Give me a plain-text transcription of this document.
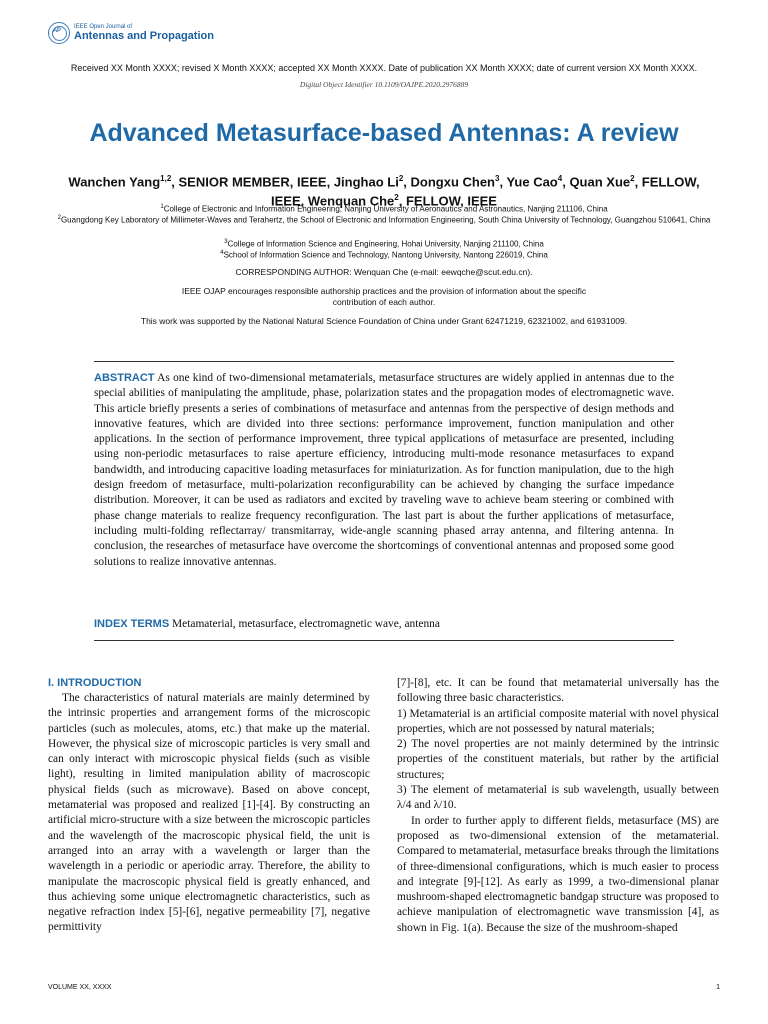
AP
IEEE Open Journal of
Antennas and Propagation
Received XX Month XXXX; revised X Month XXXX; accepted XX Month XXXX. Date of publication XX Month XXXX; date of current version XX Month XXXX.
Digital Object Identifier 10.1109/OAJPE.2020.2976889
Advanced Metasurface-based Antennas: A review
Wanchen Yang$^{1,2}$, SENIOR MEMBER, IEEE, Jinghao Li$^2$, Dongxu Chen$^3$, Yue Cao$^4$, Quan Xue$^2$, FELLOW, IEEE, Wenquan Che$^2$, FELLOW, IEEE
$^1$College of Electronic and Information Engineering, Nanjing University of Aeronautics and Astronautics, Nanjing 211106, China
$^2$Guangdong Key Laboratory of Millimeter-Waves and Terahertz, the School of Electronic and Information Engineering, South China University of Technology, Guangzhou 510641, China
$^3$College of Information Science and Engineering, Hohai University, Nanjing 211100, China
$^4$School of Information Science and Technology, Nantong University, Nantong 226019, China
CORRESPONDING AUTHOR: Wenquan Che (e-mail: eewqche@scut.edu.cn).
IEEE OJAP encourages responsible authorship practices and the provision of information about the specific contribution of each author.
This work was supported by the National Natural Science Foundation of China under Grant 62471219, 62321002, and 61931009.
ABSTRACT As one kind of two-dimensional metamaterials, metasurface structures are widely applied in antennas due to the special abilities of manipulating the amplitude, phase, polarization states and the propagation modes of electromagnetic wave. This article briefly presents a series of combinations of metasurface and antennas from the perspective of design methods and innovative features, which are divided into three sections: performance improvement, function manipulation and other applications. In the section of performance improvement, three typical applications of metasurface are presented, including using non-periodic metasurfaces to raise aperture efficiency, introducing multi-mode resonance metasurfaces to expand bandwidth, and introducing capacitive loading metasurfaces for miniaturization. As for function manipulation, due to the high design freedom of metasurface, multi-polarization reconfigurability can be achieved by changing the surface impedance distribution. Moreover, it can be used as radiators and excited by traveling wave to achieve beam steering or combined with phase change materials to realize frequency reconfiguration. The last part is about the further applications of metasurface, including multi-folding reflectarray/ transmitarray, wide-angle scanning phased array antenna, and filtering antenna. In conclusion, the researches of metasurface have overcome the shortcomings of conventional antennas and proposed some good solutions to realize innovative antennas.
INDEX TERMS Metamaterial, metasurface, electromagnetic wave, antenna
I. INTRODUCTION

The characteristics of natural materials are mainly determined by the intrinsic properties and arrangement forms of the microscopic particles (such as molecules, atoms, etc.) that make up the material. However, the physical size of microscopic particles is very small and can only interact with microscopic physical fields (such as visible light), resulting in limited manipulation ability of macroscopic physical fields (such as microwave). Based on above concept, metamaterial was proposed and realized [1]-[4]. By constructing an artificial micro-structure with a size between the microscopic particles and the wavelength of the macroscopic physical field, the unit is arranged into an array with a wavelength or larger than the wavelength in a periodic or aperiodic array. Therefore, the ability to manipulate the macroscopic physical field is greatly enhanced, and thus achieving some unique electromagnetic characteristics, such as negative refraction index [5]-[6], negative permeability [7], negative permittivity

[7]-[8], etc. It can be found that metamaterial universally has the following three basic characteristics.

1) Metamaterial is an artificial composite material with novel physical properties, which are not possessed by natural materials;

2) The novel properties are not mainly determined by the intrinsic properties of the constituent materials, but rather by the artificial structures;

3) The element of metamaterial is sub wavelength, usually between λ/4 and λ/10.

In order to further apply to different fields, metasurface (MS) are proposed as two-dimensional extension of the metamaterial. Compared to metamaterial, metasurface breaks through the limitations of three-dimensional configurations, which is much easier to process and integrate [9]-[12]. As early as 1999, a two-dimensional planar mushroom-shaped electromagnetic bandgap structure was proposed to achieve manipulation of electromagnetic wave transmission [4], as shown in Fig. 1(a). Because the size of the mushroom-shaped

VOLUME XX, XXXX	1
